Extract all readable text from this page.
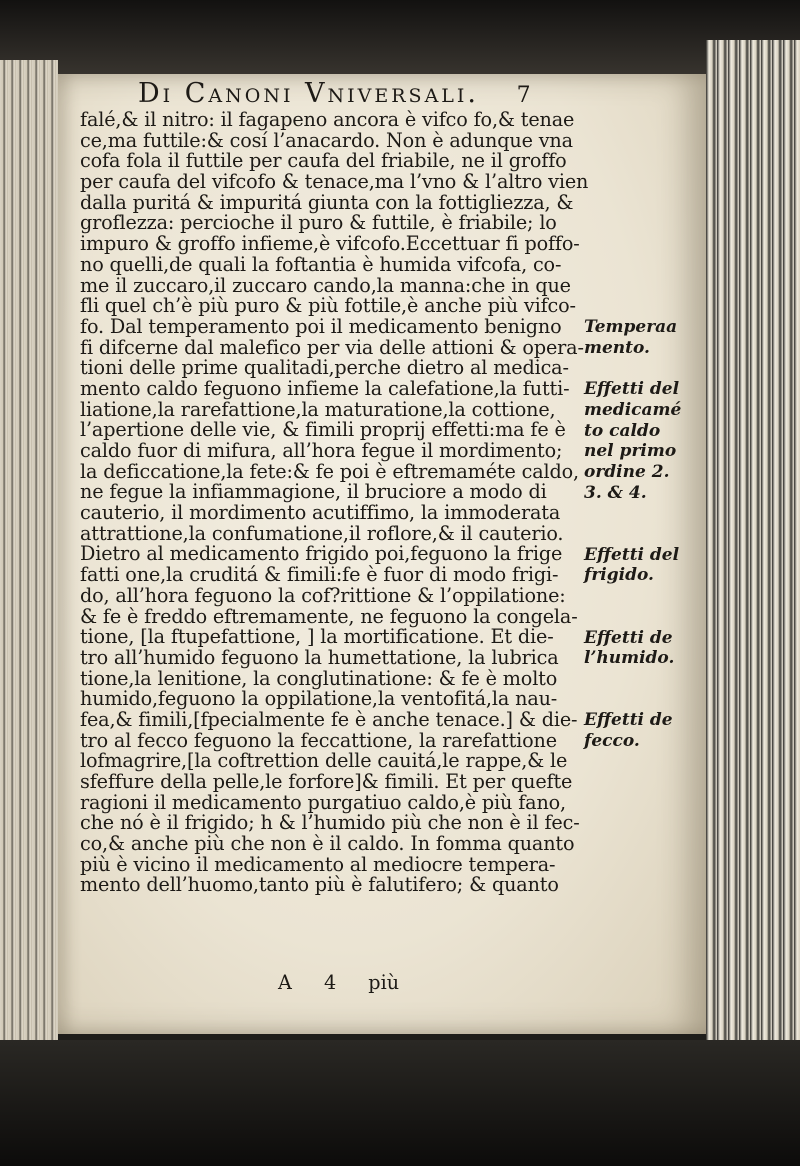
Di Canoni Vniversali. 7
falé,& il nitro: il fagapeno ancora è vifco fo,& tenae
ce,ma futtile:& cosí l’anacardo. Non è adunque vna
cofa fola il futtile per caufa del friabile, ne il groffo
per caufa del vifcofo & tenace,ma l’vno & l’altro vien
dalla puritá & impuritá giunta con la fottigliezza, &
groflezza: percioche il puro & futtile, è friabile; lo
impuro & groffo infieme,è vifcofo.Eccettuar fi poffo-
no quelli,de quali la foftantia è humida vifcofa, co-
me il zuccaro,il zuccaro cando,la manna:che in que
fli quel ch’è più puro & più fottile,è anche più vifco-
fo. Dal temperamento poi il medicamento benigno
fi difcerne dal malefico per via delle attioni & opera-
tioni delle prime qualitadi,perche dietro al medica-
mento caldo feguono infieme la calefatione,la futti-
liatione,la rarefattione,la maturatione,la cottione,
l’apertione delle vie, & fimili proprij effetti:ma fe è
caldo fuor di mifura, all’hora fegue il mordimento;
la deficcatione,la fete:& fe poi è eftremaméte caldo,
ne fegue la infiammagione, il bruciore a modo di
cauterio, il mordimento acutiffimo, la immoderata
attrattione,la confumatione,il roflore,& il cauterio.
Dietro al medicamento frigido poi,feguono la frige
fatti one,la cruditá & fimili:fe è fuor di modo frigi-
do, all’hora feguono la cof?rittione & l’oppilatione:
& fe è freddo eftremamente, ne feguono la congela-
tione, [la ftupefattione, ] la mortificatione. Et die-
tro all’humido feguono la humettatione, la lubrica
tione,la lenitione, la conglutinatione: & fe è molto
humido,feguono la oppilatione,la ventofitá,la nau-
fea,& fimili,[fpecialmente fe è anche tenace.] & die-
tro al fecco feguono la feccattione, la rarefattione
lofmagrire,[la coftrettion delle cauitá,le rappe,& le
sfeffure della pelle,le forfore]& fimili. Et per quefte
ragioni il medicamento purgatiuo caldo,è più fano,
che nó è il frigido; h & l’humido più che non è il fec-
co,& anche più che non è il caldo. In fomma quanto
più è vicino il medicamento al mediocre tempera-
mento dell’huomo,tanto più è falutifero; & quanto
Temperaa
mento.
Effetti del
medicamé
to caldo
nel primo
ordine 2.
3. & 4.
Effetti del
frigido.
Effetti de
l’humido.
Effetti de
fecco.
A 4 più
